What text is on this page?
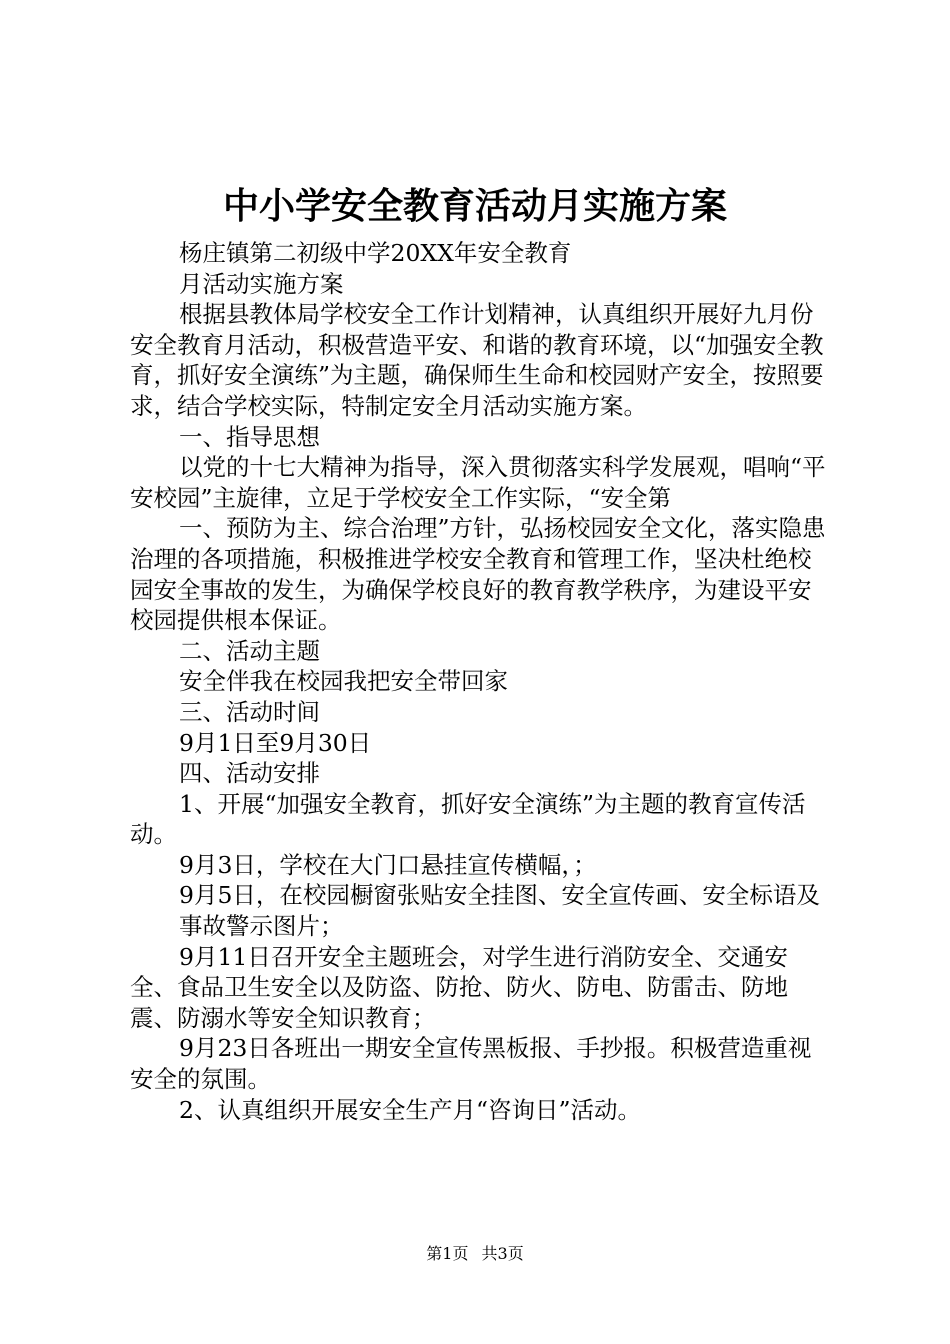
中小学安全教育活动月实施方案

杨庄镇第二初级中学20XX年安全教育

月活动实施方案

根据县教体局学校安全工作计划精神，认真组织开展好九月份安全教育月活动，积极营造平安、和谐的教育环境，以“加强安全教育，抓好安全演练”为主题，确保师生生命和校园财产安全，按照要求，结合学校实际，特制定安全月活动实施方案。

一、指导思想

以党的十七大精神为指导，深入贯彻落实科学发展观，唱响“平安校园”主旋律，立足于学校安全工作实际，“安全第

一、预防为主、综合治理”方针，弘扬校园安全文化，落实隐患治理的各项措施，积极推进学校安全教育和管理工作，坚决杜绝校园安全事故的发生，为确保学校良好的教育教学秩序，为建设平安校园提供根本保证。

二、活动主题

安全伴我在校园我把安全带回家

三、活动时间

9月1日至9月30日

四、活动安排

1、开展“加强安全教育，抓好安全演练”为主题的教育宣传活动。

9月3日，学校在大门口悬挂宣传横幅，；

9月5日，在校园橱窗张贴安全挂图、安全宣传画、安全标语及

事故警示图片；

9月11日召开安全主题班会，对学生进行消防安全、交通安全、食品卫生安全以及防盗、防抢、防火、防电、防雷击、防地震、防溺水等安全知识教育；

9月23日各班出一期安全宣传黑板报、手抄报。积极营造重视安全的氛围。

2、认真组织开展安全生产月“咨询日”活动。

第1页 共3页
